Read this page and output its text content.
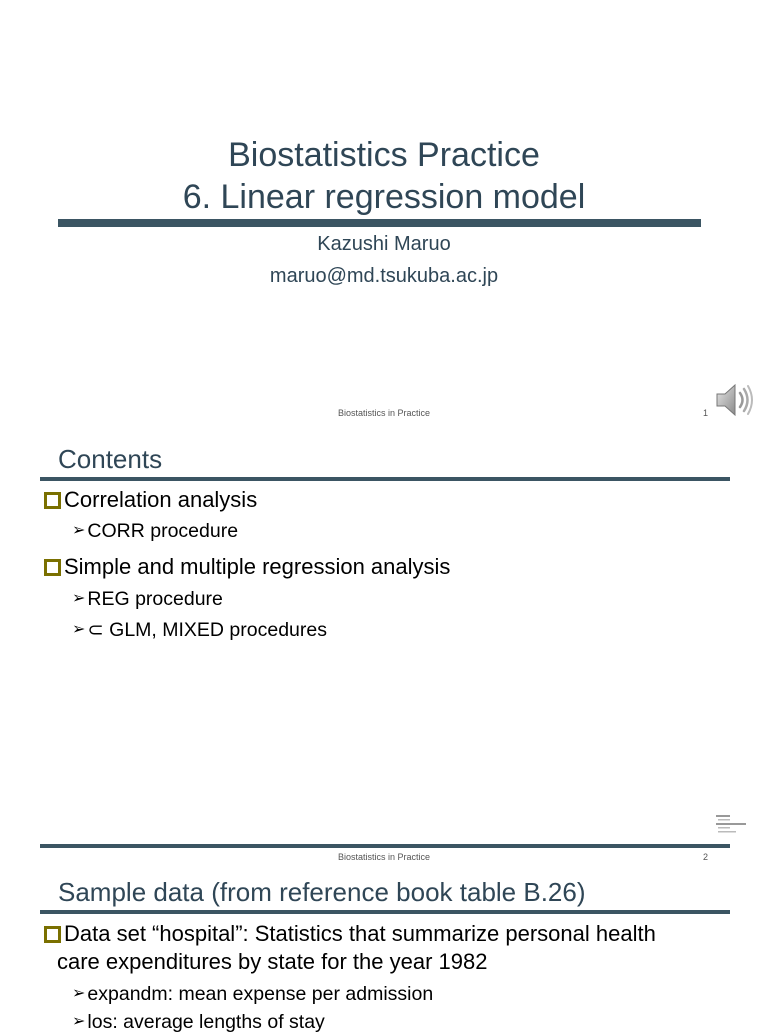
Biostatistics Practice
6. Linear regression model
Kazushi Maruo
maruo@md.tsukuba.ac.jp
Biostatistics in Practice	1
Contents
Correlation analysis
➢ CORR procedure
Simple and multiple regression analysis
➢ REG procedure
➢ ⊂ GLM, MIXED procedures
Biostatistics in Practice	2
Sample data (from reference book table B.26)
Data set “hospital”: Statistics that summarize personal health
care expenditures by state for the year 1982
➢ expandm: mean expense per admission
➢ los: average lengths of stay
